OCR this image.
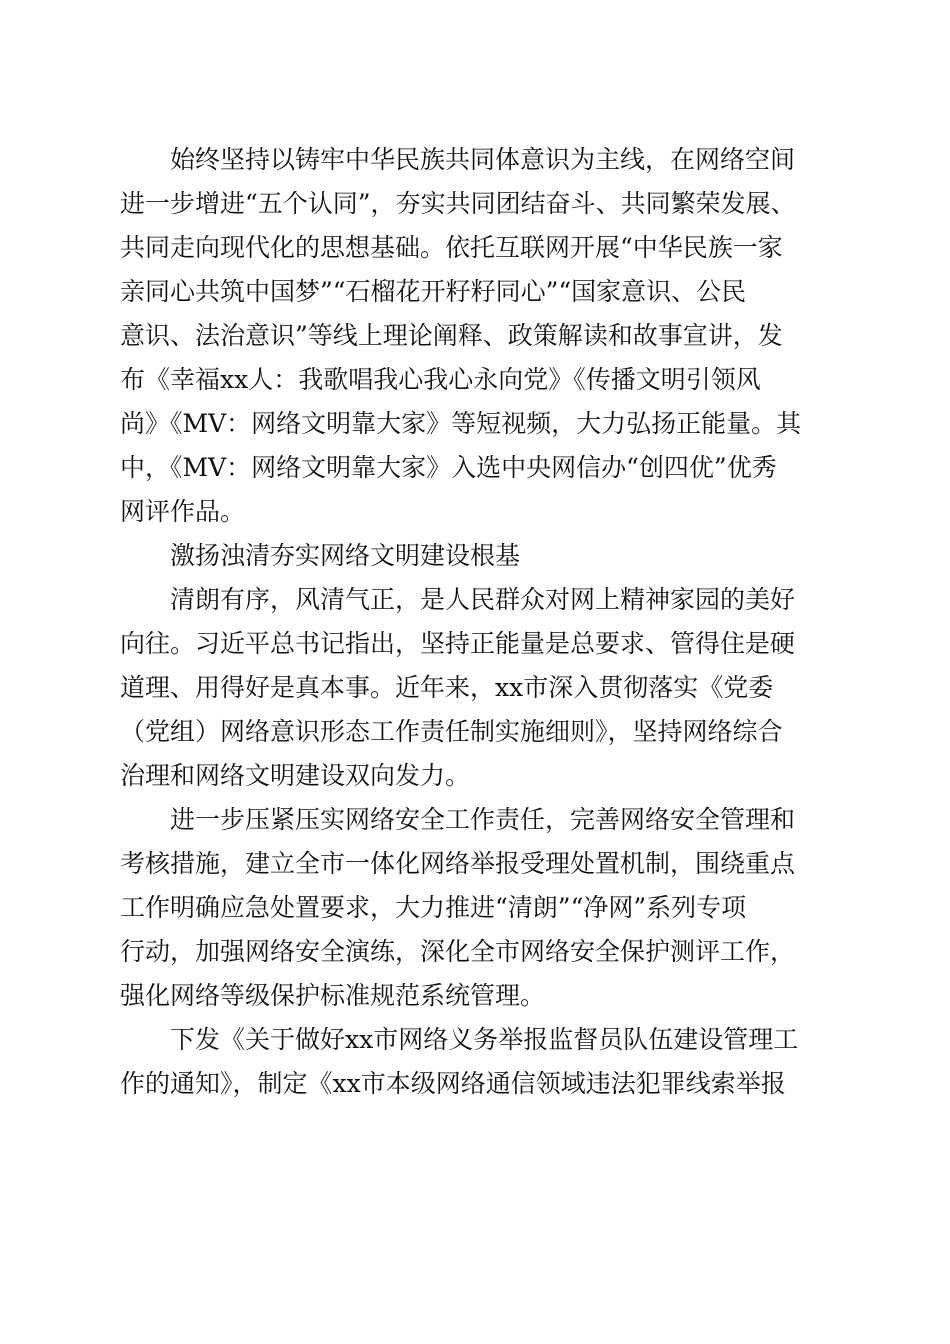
　　始终坚持以铸牢中华民族共同体意识为主线，在网络空间
进一步增进“五个认同”，夯实共同团结奋斗、共同繁荣发展、
共同走向现代化的思想基础。依托互联网开展“中华民族一家
亲同心共筑中国梦”“石榴花开籽籽同心”“国家意识、公民
意识、法治意识”等线上理论阐释、政策解读和故事宣讲，发
布《幸福xx人：我歌唱我心我心永向党》《传播文明引领风
尚》《MV：网络文明靠大家》等短视频，大力弘扬正能量。其
中，《MV：网络文明靠大家》入选中央网信办“创四优”优秀
网评作品。
　　激扬浊清夯实网络文明建设根基
　　清朗有序，风清气正，是人民群众对网上精神家园的美好
向往。习近平总书记指出，坚持正能量是总要求、管得住是硬
道理、用得好是真本事。近年来，xx市深入贯彻落实《党委
（党组）网络意识形态工作责任制实施细则》，坚持网络综合
治理和网络文明建设双向发力。
　　进一步压紧压实网络安全工作责任，完善网络安全管理和
考核措施，建立全市一体化网络举报受理处置机制，围绕重点
工作明确应急处置要求，大力推进“清朗”“净网”系列专项
行动，加强网络安全演练，深化全市网络安全保护测评工作，
强化网络等级保护标准规范系统管理。
　　下发《关于做好xx市网络义务举报监督员队伍建设管理工
作的通知》，制定《xx市本级网络通信领域违法犯罪线索举报
